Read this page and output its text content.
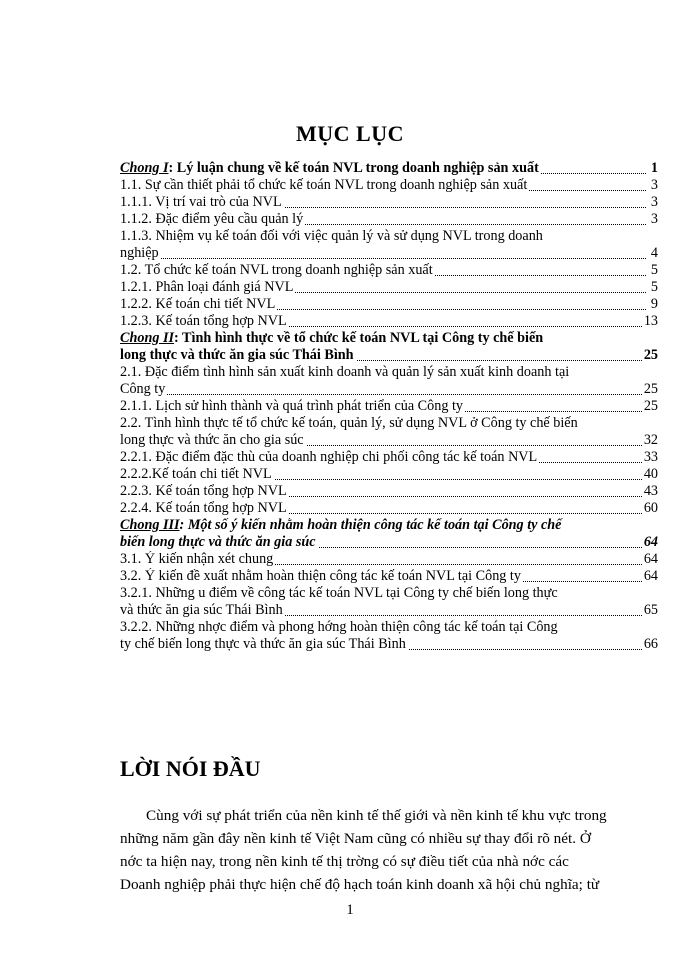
MỤC LỤC
Chong I: Lý luận chung về kế toán NVL trong doanh nghiệp sản xuất	1
1.1. Sự cần thiết phải tổ chức kế toán NVL trong doanh nghiệp sản xuất	3
1.1.1. Vị trí vai trò của NVL	3
1.1.2. Đặc điểm yêu cầu quản lý	3
1.1.3. Nhiệm vụ kế toán đối với việc quản lý và sử dụng NVL trong doanh
nghiệp	4
1.2. Tổ chức kế toán NVL trong doanh nghiệp sản xuất	5
1.2.1. Phân loại đánh giá NVL	5
1.2.2. Kế toán chi tiết NVL	9
1.2.3. Kế toán tổng hợp NVL	13
Chong II: Tình hình thực về tổ chức kế toán NVL tại Công ty chế biến
long thực và thức ăn gia súc Thái Bình	25
2.1. Đặc điểm tình hình sản xuất kinh doanh và quản lý sản xuất kinh doanh tại
Công ty	25
2.1.1. Lịch sử hình thành và quá trình phát triển của Công ty	25
2.2. Tình hình thực tế tổ chức kế toán, quản lý, sử dụng NVL ở Công ty chế biến
long thực và thức ăn cho gia súc	32
2.2.1. Đặc điểm đặc thù của doanh nghiệp chi phối công tác kế toán NVL	33
2.2.2.Kế toán chi tiết NVL	40
2.2.3. Kế toán tổng hợp NVL	43
2.2.4. Kế toán tổng hợp NVL	60
Chong III: Một số ý kiến nhằm hoàn thiện công tác kế toán tại Công ty chế
biến long thực và thức ăn gia súc	64
3.1. Ý kiến nhận xét chung	64
3.2. Ý kiến đề xuất nhằm hoàn thiện công tác kế toán NVL tại Công ty	64
3.2.1. Những u điểm về công tác kế toán NVL tại Công ty chế biến long thực
và thức ăn gia súc Thái Bình	65
3.2.2. Những nhợc điểm và phong hớng hoàn thiện công tác kế toán tại Công
ty chế biến long thực và thức ăn gia súc Thái Bình	66
LỜI NÓI ĐẦU
Cùng với sự phát triển của nền kinh tế thế giới và nền kinh tế khu vực trong
những năm gần đây nền kinh tế Việt Nam cũng có nhiều sự thay đổi rõ nét. Ở
nớc ta hiện nay, trong nền kinh tế thị trờng có sự điều tiết của nhà nớc các
Doanh nghiệp phải thực hiện chế độ hạch toán kinh doanh xã hội chủ nghĩa; từ
1
